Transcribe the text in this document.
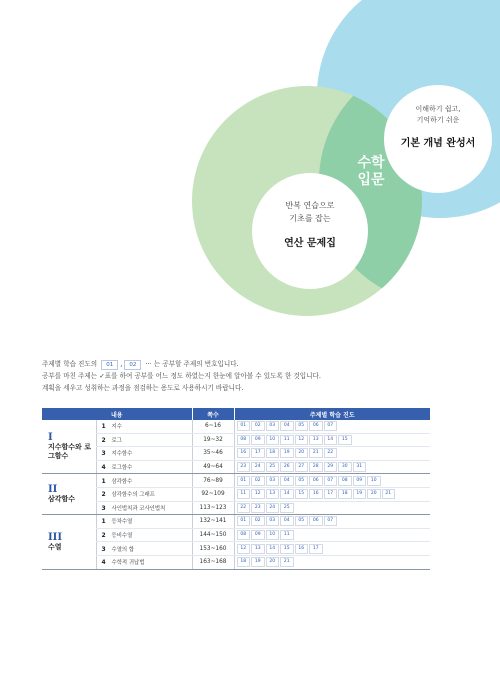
이해하기 쉽고,
기억하기 쉬운
기본 개념 완성서
반복 연습으로
기초를 잡는
연산 문제집
수학
입문
주제별 학습 진도의 01 , 02 ··· 는 공부할 주제의 번호입니다.
공부를 마친 주제는 ✓표를 하여 공부를 어느 정도 하였는지 한눈에 알아볼 수 있도록 한 것입니다.
계획을 세우고 성취하는 과정을 점검하는 용도로 사용하시기 바랍니다.
내용		쪽수	주제별 학습 진도

I
지수함수와 로그함수	1 지수	6~16	01 02 03 04 05 06 07
	2 로그	19~32	08 09 10 11 12 13 14 15
	3 지수함수	35~46	16 17 18 19 20 21 22
	4 로그함수	49~64	23 24 25 26 27 28 29 30 31

II
삼각함수	1 삼각함수	76~89	01 02 03 04 05 06 07 08 09 10
	2 삼각함수의 그래프	92~109	11 12 13 14 15 16 17 18 19 20 21
	3 사인법칙과 코사인법칙	113~123	22 23 24 25

III
수열	1 등차수열	132~141	01 02 03 04 05 06 07
	2 등비수열	144~150	08 09 10 11
	3 수열의 합	153~160	12 13 14 15 16 17
	4 수학적 귀납법	163~168	18 19 20 21
